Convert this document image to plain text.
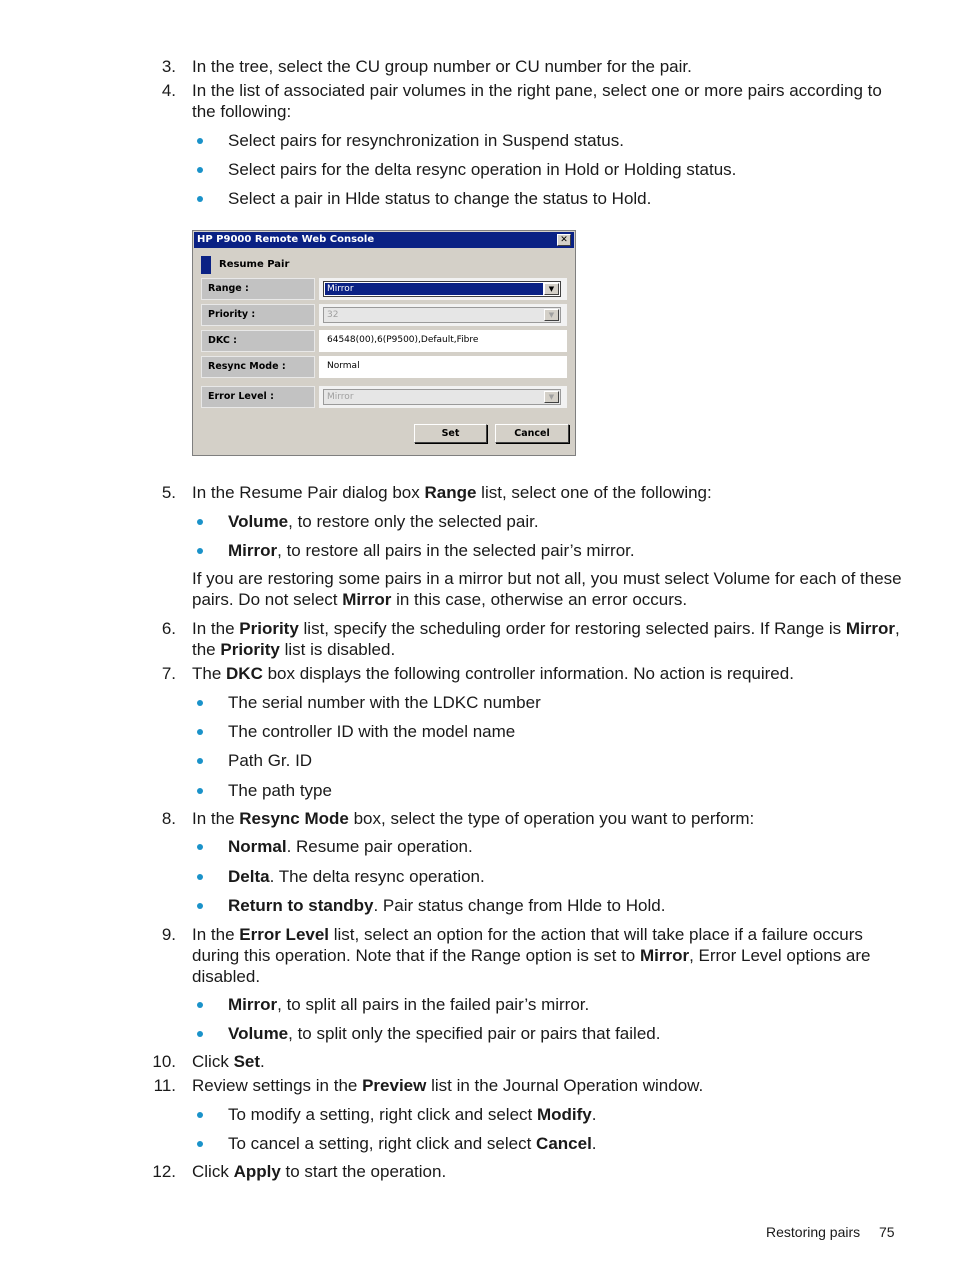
3. In the tree, select the CU group number or CU number for the pair.
4. In the list of associated pair volumes in the right pane, select one or more pairs according to the following:
Select pairs for resynchronization in Suspend status.
Select pairs for the delta resync operation in Hold or Holding status.
Select a pair in Hlde status to change the status to Hold.
HP P9000 Remote Web Console	✕
Resume Pair
Range :	Mirror	▼
Priority :	32	▼
DKC :	64548(00),6(P9500),Default,Fibre
Resync Mode :	Normal
Error Level :	Mirror	▼
Set	Cancel
5. In the Resume Pair dialog box Range list, select one of the following:
Volume, to restore only the selected pair.
Mirror, to restore all pairs in the selected pair’s mirror.
If you are restoring some pairs in a mirror but not all, you must select Volume for each of these pairs. Do not select Mirror in this case, otherwise an error occurs.
6. In the Priority list, specify the scheduling order for restoring selected pairs. If Range is Mirror, the Priority list is disabled.
7. The DKC box displays the following controller information. No action is required.
The serial number with the LDKC number
The controller ID with the model name
Path Gr. ID
The path type
8. In the Resync Mode box, select the type of operation you want to perform:
Normal. Resume pair operation.
Delta. The delta resync operation.
Return to standby. Pair status change from Hlde to Hold.
9. In the Error Level list, select an option for the action that will take place if a failure occurs during this operation. Note that if the Range option is set to Mirror, Error Level options are disabled.
Mirror, to split all pairs in the failed pair’s mirror.
Volume, to split only the specified pair or pairs that failed.
10. Click Set.
11. Review settings in the Preview list in the Journal Operation window.
To modify a setting, right click and select Modify.
To cancel a setting, right click and select Cancel.
12. Click Apply to start the operation.
Restoring pairs 75
